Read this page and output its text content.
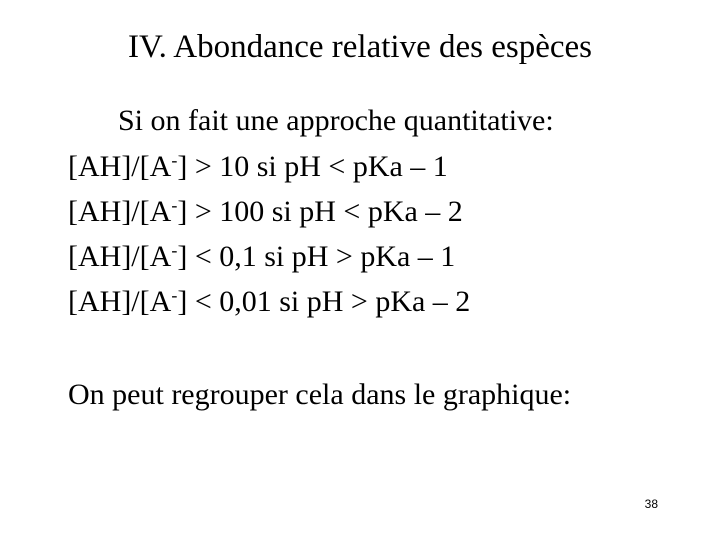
IV. Abondance relative des espèces
Si on fait une approche quantitative:
[AH]/[A-] > 10 si pH < pKa – 1
[AH]/[A-] > 100 si pH < pKa – 2
[AH]/[A-] < 0,1 si pH > pKa – 1
[AH]/[A-] < 0,01 si pH > pKa – 2
On peut regrouper cela dans le graphique:
38
